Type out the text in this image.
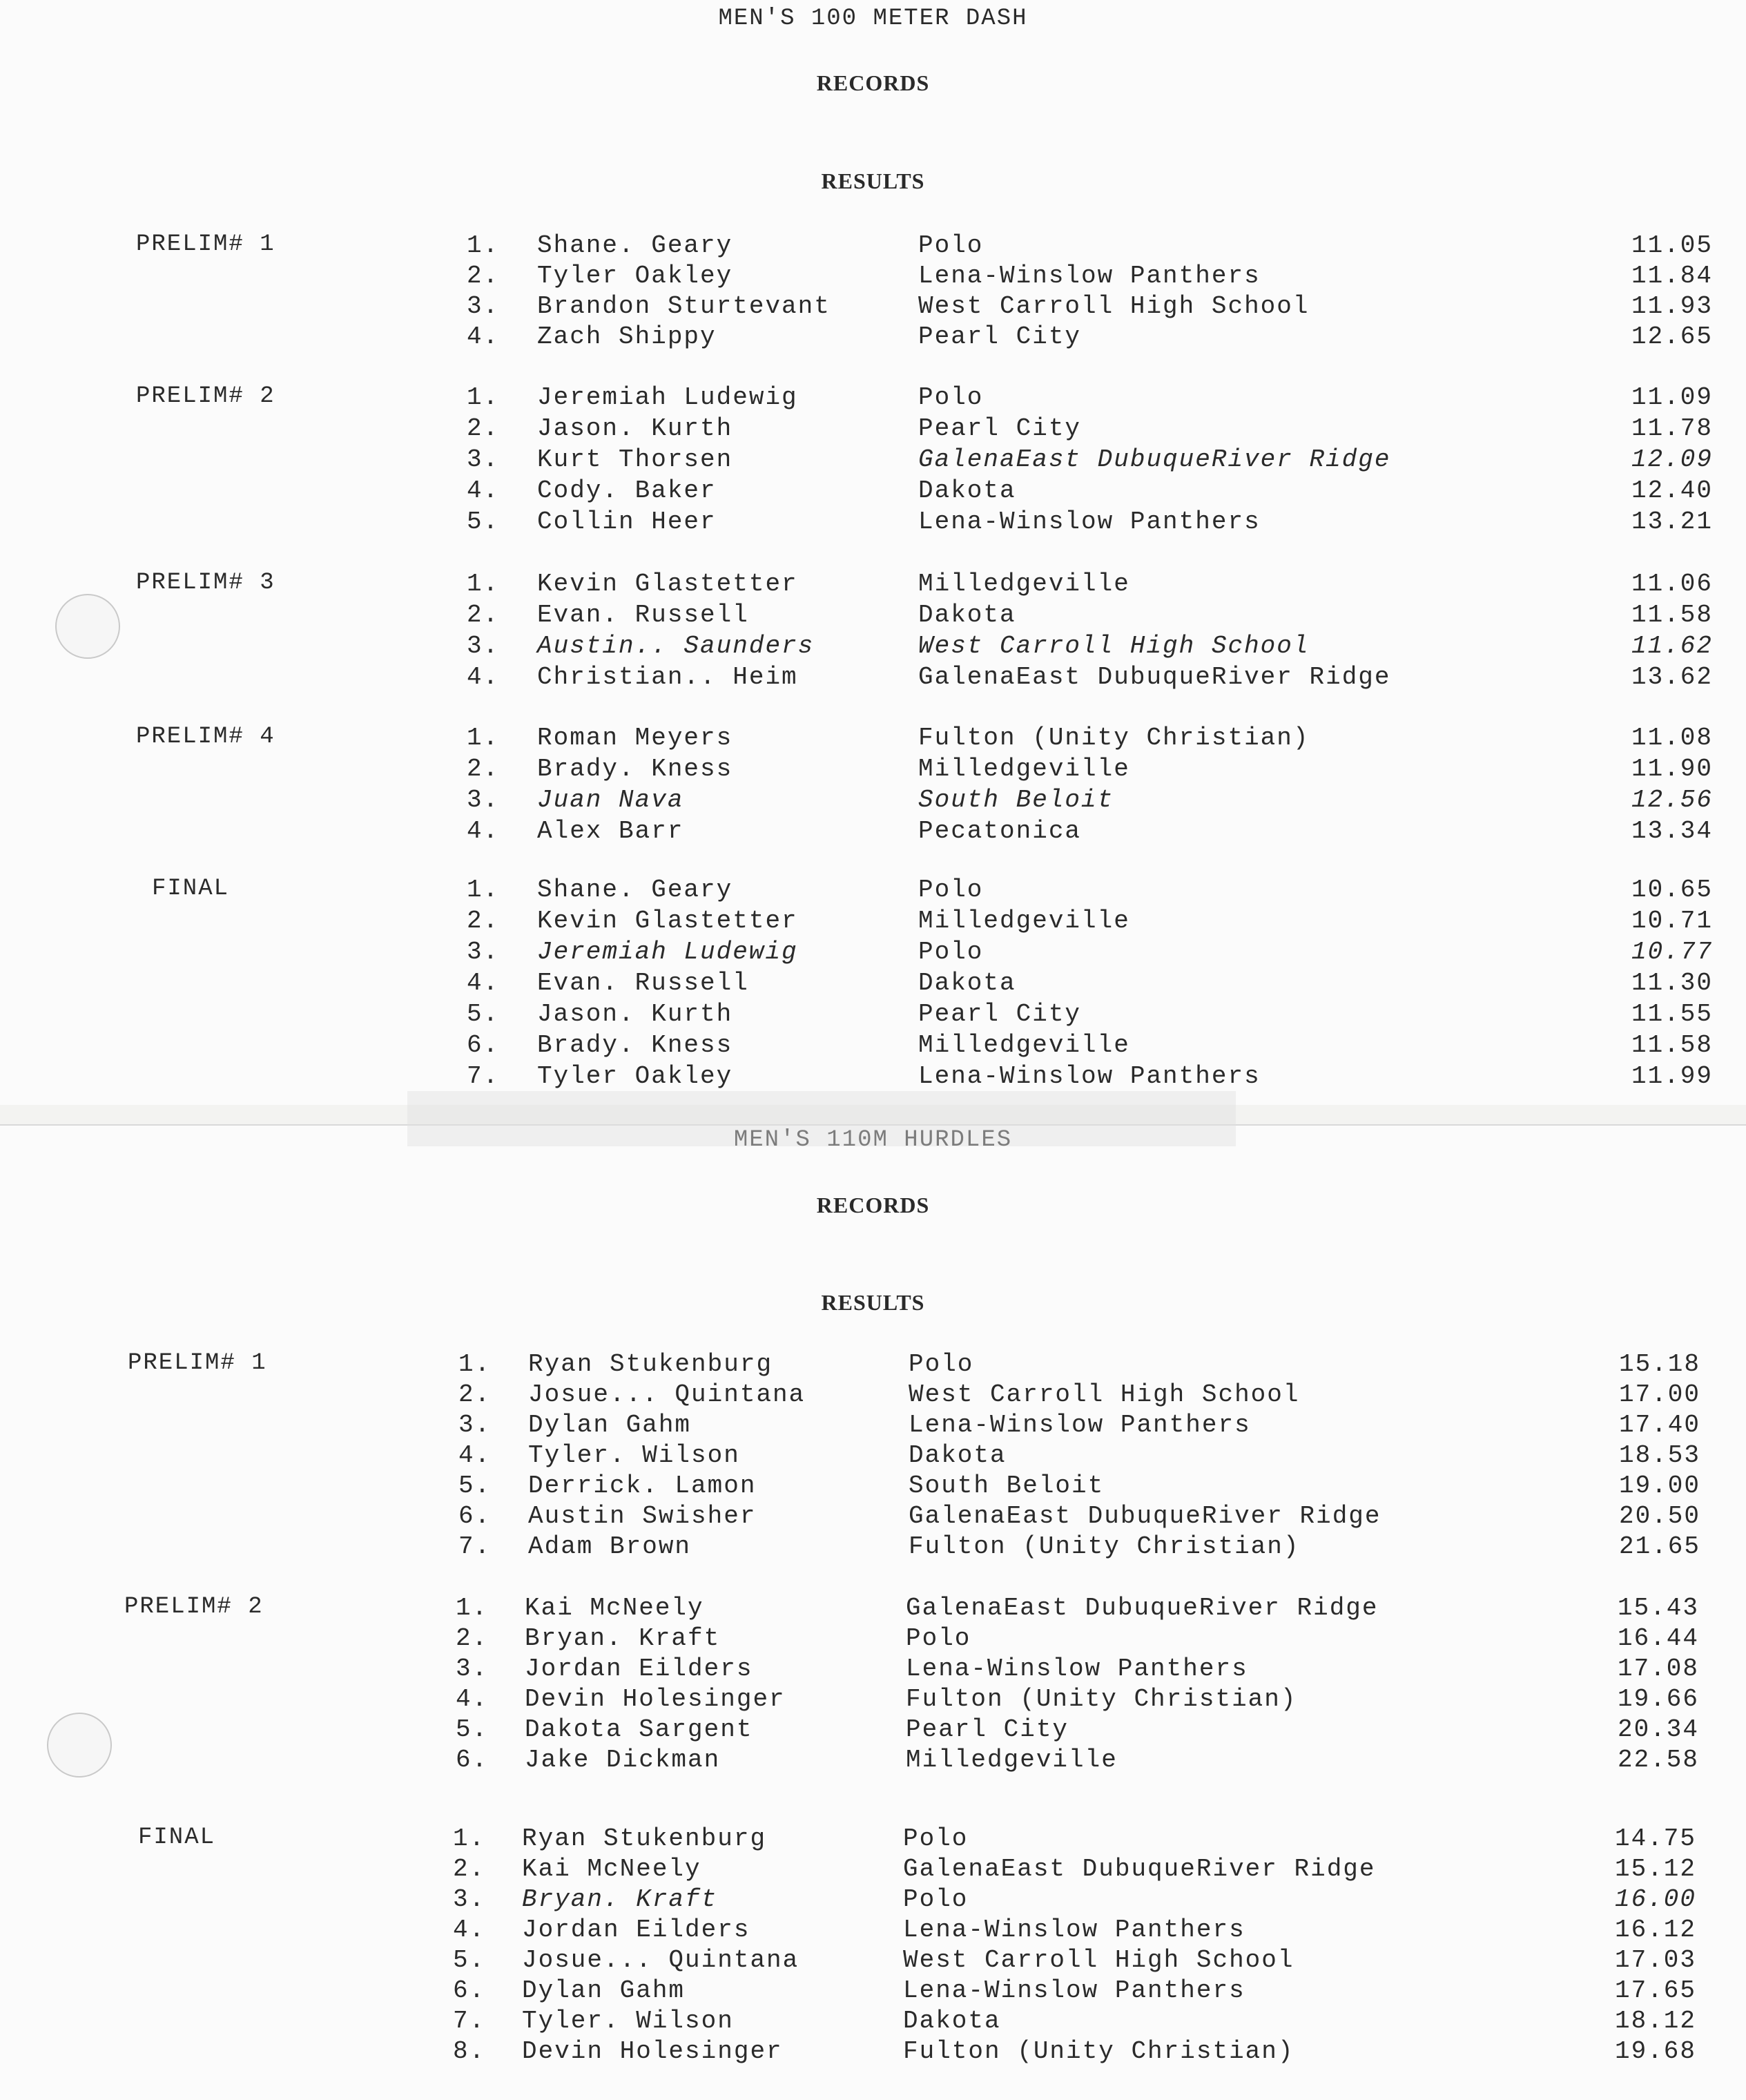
MEN'S 100 METER DASH
RECORDS
RESULTS
PRELIM# 1	1. Shane. Geary	Polo	11.05
2. Tyler Oakley	Lena-Winslow Panthers	11.84
3. Brandon Sturtevant	West Carroll High School	11.93
4. Zach Shippy	Pearl City	12.65
PRELIM# 2	1. Jeremiah Ludewig	Polo	11.09
2. Jason. Kurth	Pearl City	11.78
3. Kurt Thorsen	GalenaEast DubuqueRiver Ridge	12.09
4. Cody. Baker	Dakota	12.40
5. Collin Heer	Lena-Winslow Panthers	13.21
PRELIM# 3	1. Kevin Glastetter	Milledgeville	11.06
2. Evan. Russell	Dakota	11.58
3. Austin.. Saunders	West Carroll High School	11.62
4. Christian.. Heim	GalenaEast DubuqueRiver Ridge	13.62
PRELIM# 4	1. Roman Meyers	Fulton (Unity Christian)	11.08
2. Brady. Kness	Milledgeville	11.90
3. Juan Nava	South Beloit	12.56
4. Alex Barr	Pecatonica	13.34
FINAL	1. Shane. Geary	Polo	10.65
2. Kevin Glastetter	Milledgeville	10.71
3. Jeremiah Ludewig	Polo	10.77
4. Evan. Russell	Dakota	11.30
5. Jason. Kurth	Pearl City	11.55
6. Brady. Kness	Milledgeville	11.58
7. Tyler Oakley	Lena-Winslow Panthers	11.99
MEN'S 110M HURDLES
RECORDS
RESULTS
PRELIM# 1	1. Ryan Stukenburg	Polo	15.18
2. Josue... Quintana	West Carroll High School	17.00
3. Dylan Gahm	Lena-Winslow Panthers	17.40
4. Tyler. Wilson	Dakota	18.53
5. Derrick. Lamon	South Beloit	19.00
6. Austin Swisher	GalenaEast DubuqueRiver Ridge	20.50
7. Adam Brown	Fulton (Unity Christian)	21.65
PRELIM# 2	1. Kai McNeely	GalenaEast DubuqueRiver Ridge	15.43
2. Bryan. Kraft	Polo	16.44
3. Jordan Eilders	Lena-Winslow Panthers	17.08
4. Devin Holesinger	Fulton (Unity Christian)	19.66
5. Dakota Sargent	Pearl City	20.34
6. Jake Dickman	Milledgeville	22.58
FINAL	1. Ryan Stukenburg	Polo	14.75
2. Kai McNeely	GalenaEast DubuqueRiver Ridge	15.12
3. Bryan. Kraft	Polo	16.00
4. Jordan Eilders	Lena-Winslow Panthers	16.12
5. Josue... Quintana	West Carroll High School	17.03
6. Dylan Gahm	Lena-Winslow Panthers	17.65
7. Tyler. Wilson	Dakota	18.12
8. Devin Holesinger	Fulton (Unity Christian)	19.68
